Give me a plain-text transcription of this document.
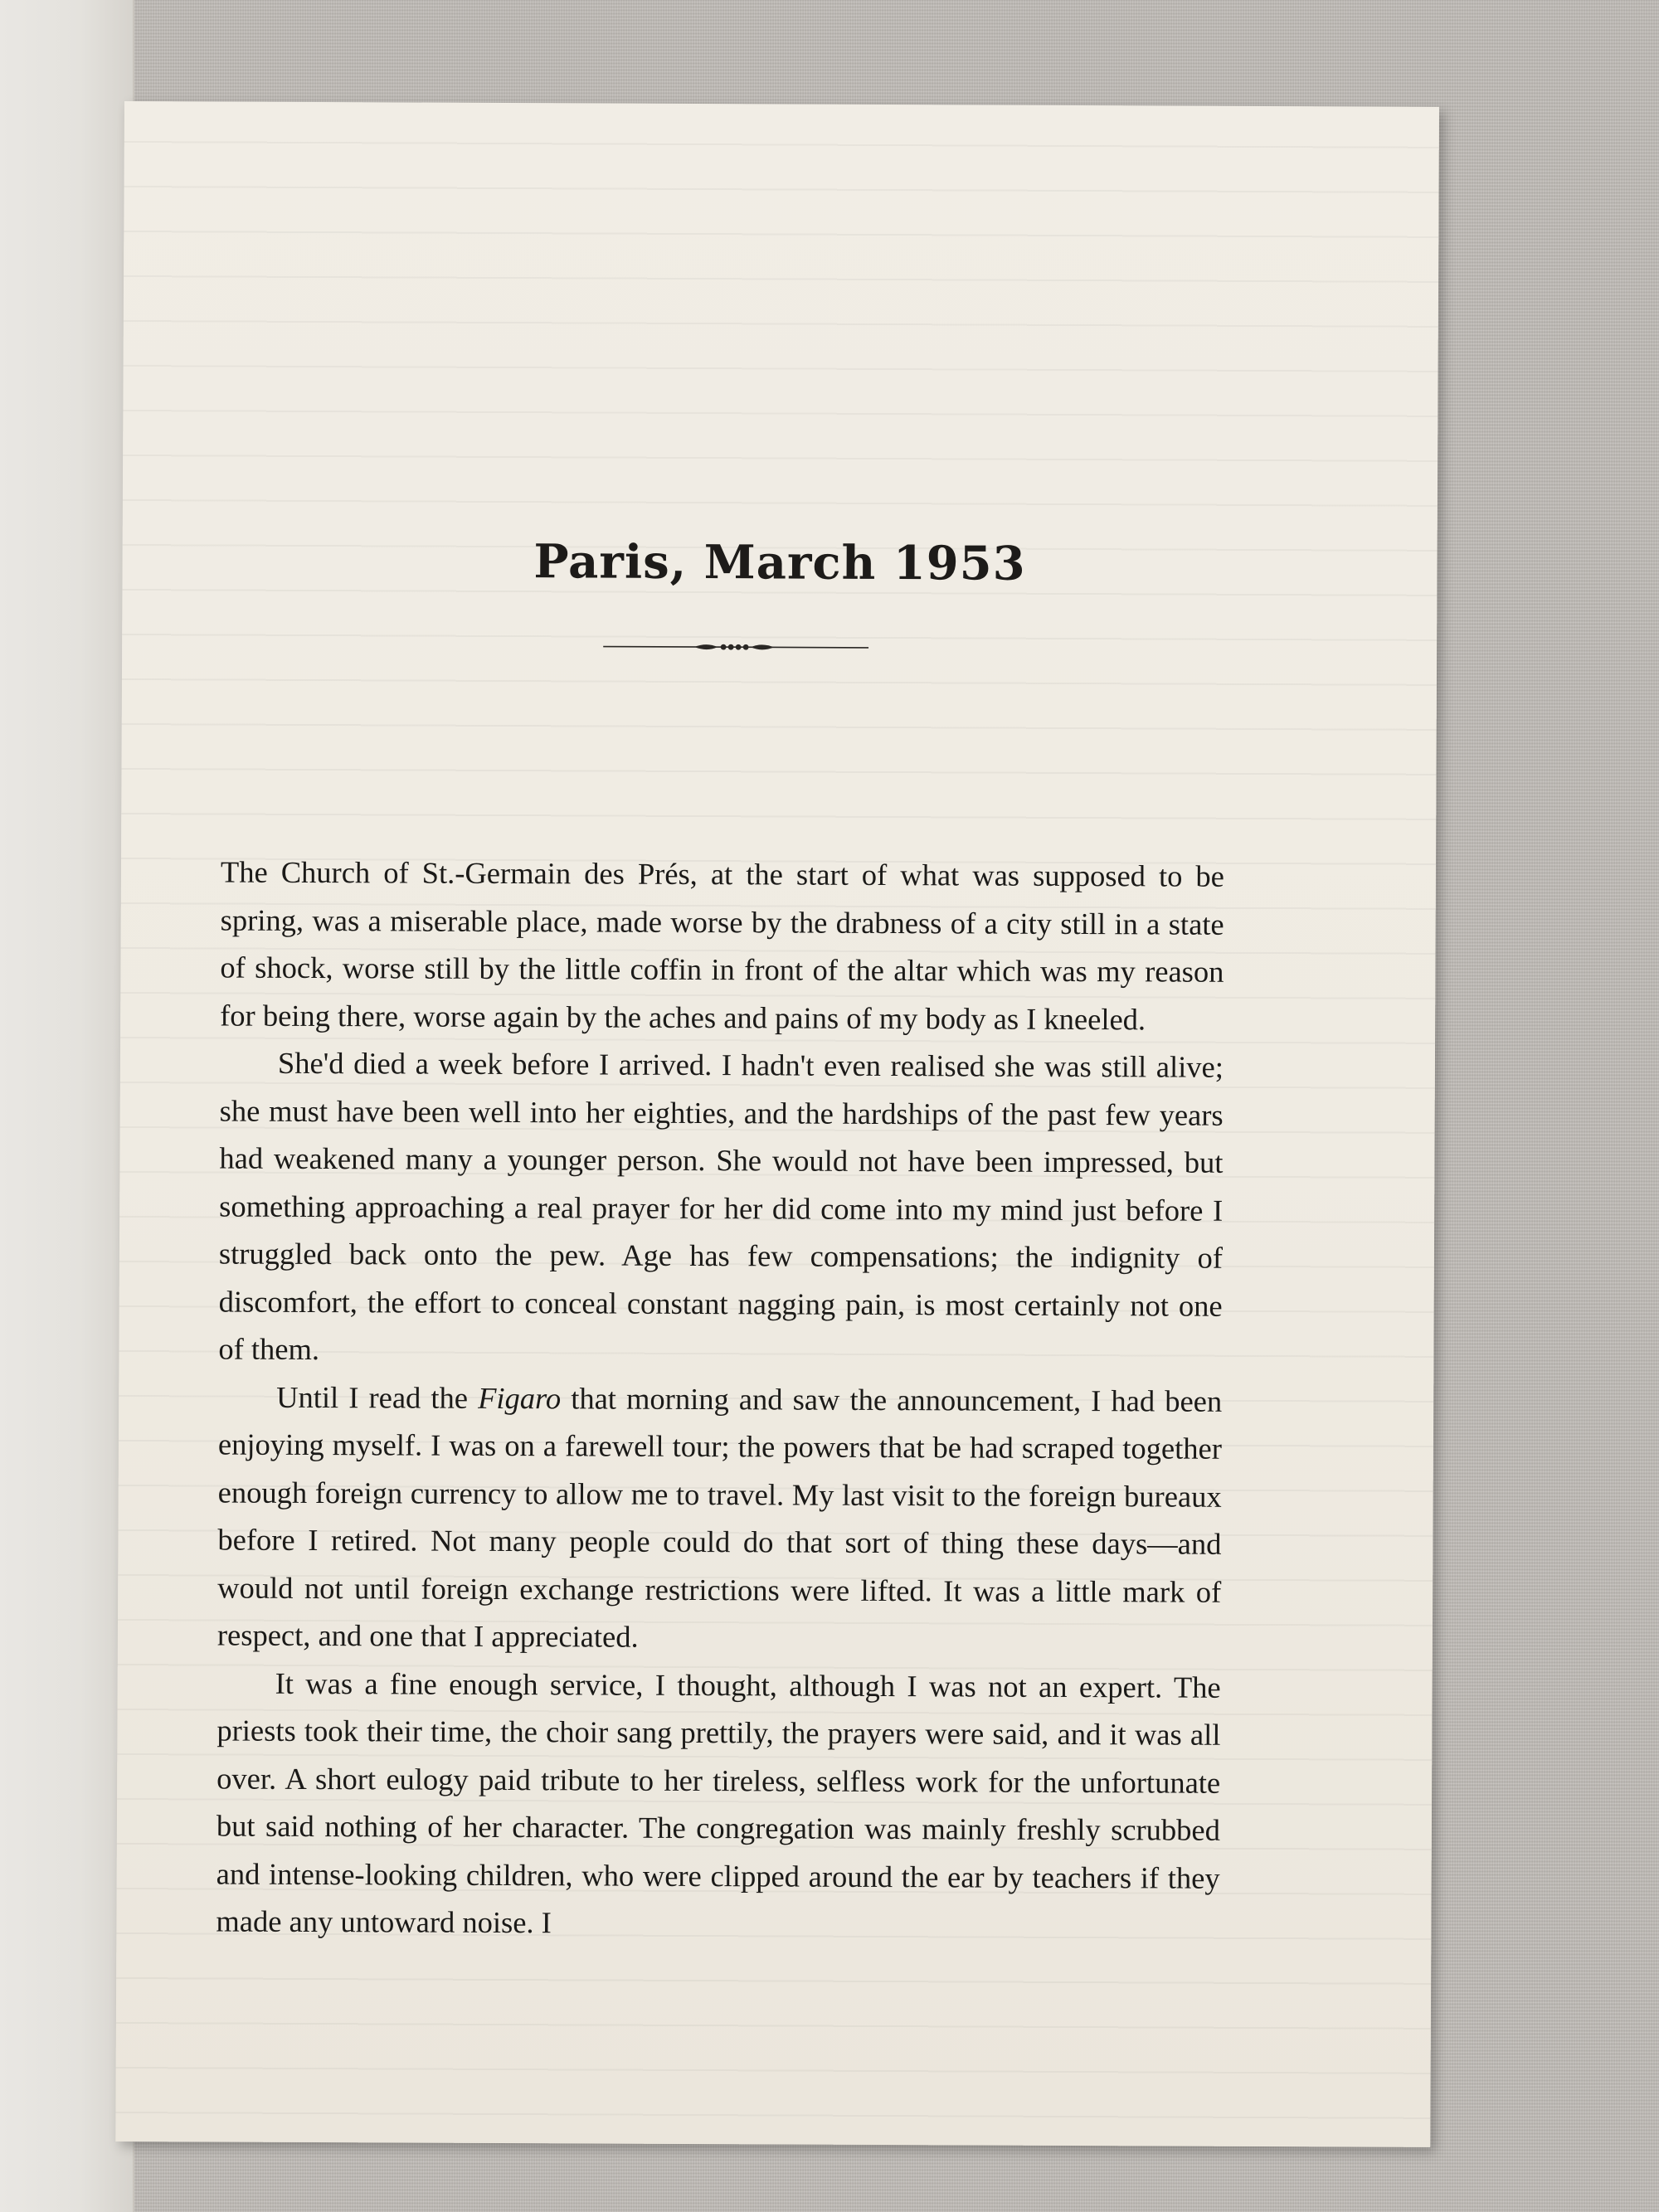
Paris, March 1953

The Church of St.-Germain des Prés, at the start of what was supposed to be spring, was a miserable place, made worse by the drabness of a city still in a state of shock, worse still by the little coffin in front of the altar which was my reason for being there, worse again by the aches and pains of my body as I kneeled.

She'd died a week before I arrived. I hadn't even realised she was still alive; she must have been well into her eighties, and the hardships of the past few years had weakened many a younger person. She would not have been impressed, but something approaching a real prayer for her did come into my mind just before I struggled back onto the pew. Age has few compensations; the indignity of discomfort, the effort to conceal constant nagging pain, is most certainly not one of them.

Until I read the Figaro that morning and saw the announcement, I had been enjoying myself. I was on a farewell tour; the powers that be had scraped together enough foreign currency to allow me to travel. My last visit to the foreign bureaux before I retired. Not many people could do that sort of thing these days—and would not until foreign exchange restrictions were lifted. It was a little mark of respect, and one that I appreciated.

It was a fine enough service, I thought, although I was not an expert. The priests took their time, the choir sang prettily, the prayers were said, and it was all over. A short eulogy paid tribute to her tireless, selfless work for the unfortunate but said nothing of her character. The congregation was mainly freshly scrubbed and intense-looking children, who were clipped around the ear by teachers if they made any untoward noise. I
